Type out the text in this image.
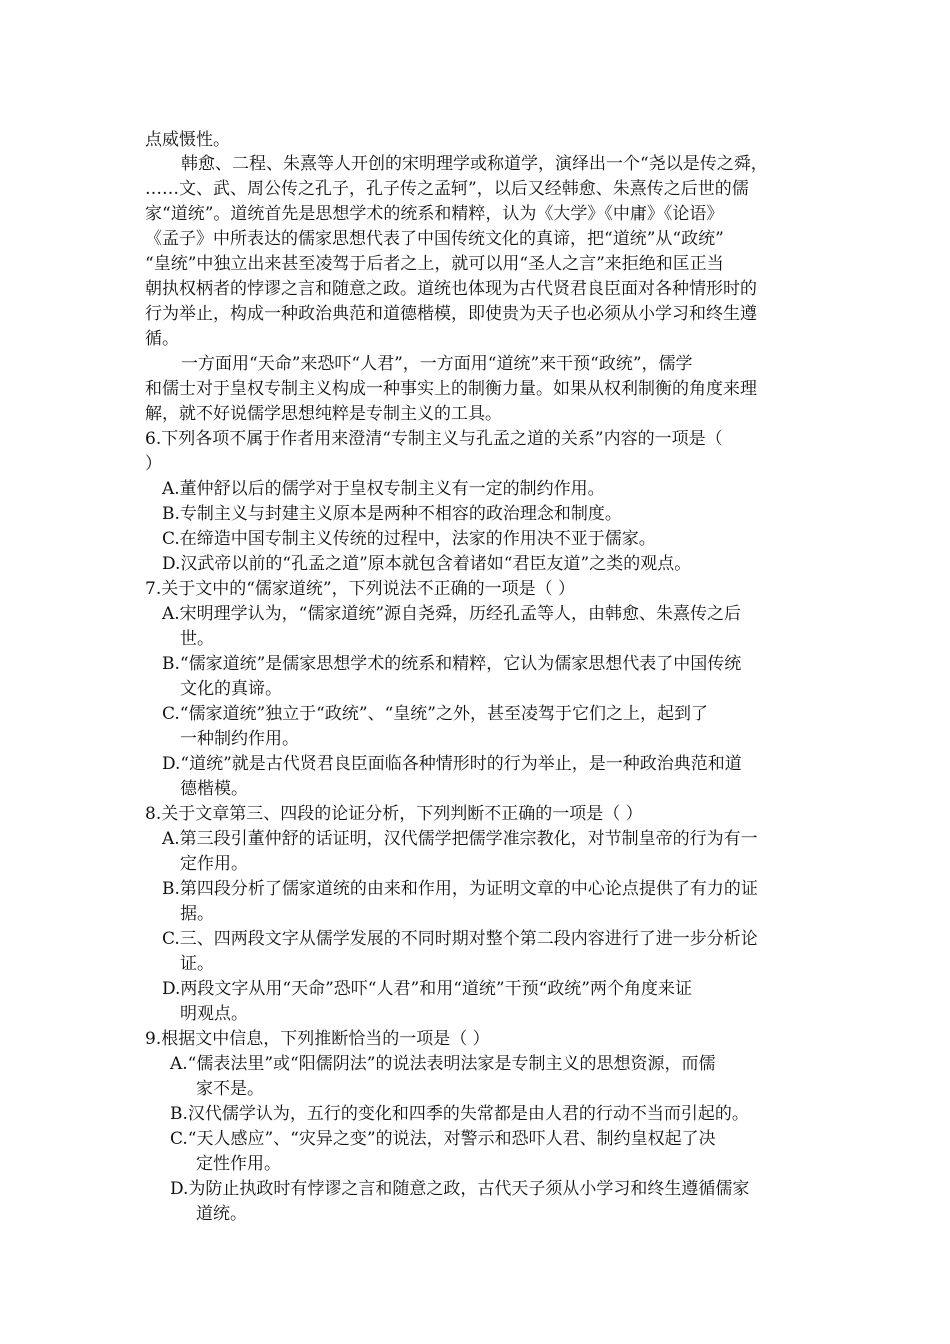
点威慑性。
韩愈、二程、朱熹等人开创的宋明理学或称道学，演绎出一个“尧以是传之舜，
……文、武、周公传之孔子，孔子传之孟轲”，以后又经韩愈、朱熹传之后世的儒
家“道统”。道统首先是思想学术的统系和精粹，认为《大学》《中庸》《论语》
《孟子》中所表达的儒家思想代表了中国传统文化的真谛，把“道统”从“政统”
“皇统”中独立出来甚至凌驾于后者之上，就可以用“圣人之言”来拒绝和匡正当
朝执权柄者的悖谬之言和随意之政。道统也体现为古代贤君良臣面对各种情形时的
行为举止，构成一种政治典范和道德楷模，即使贵为天子也必须从小学习和终生遵
循。
一方面用“天命”来恐吓“人君”，一方面用“道统”来干预“政统”，儒学
和儒士对于皇权专制主义构成一种事实上的制衡力量。如果从权利制衡的角度来理
解，就不好说儒学思想纯粹是专制主义的工具。
6.下列各项不属于作者用来澄清“专制主义与孔孟之道的关系”内容的一项是（
）
A.董仲舒以后的儒学对于皇权专制主义有一定的制约作用。
B.专制主义与封建主义原本是两种不相容的政治理念和制度。
C.在缔造中国专制主义传统的过程中，法家的作用决不亚于儒家。
D.汉武帝以前的“孔孟之道”原本就包含着诸如“君臣友道”之类的观点。
7.关于文中的“儒家道统”，下列说法不正确的一项是（ ）
A.宋明理学认为，“儒家道统”源自尧舜，历经孔孟等人，由韩愈、朱熹传之后
世。
B.“儒家道统”是儒家思想学术的统系和精粹，它认为儒家思想代表了中国传统
文化的真谛。
C.“儒家道统”独立于“政统”、“皇统”之外，甚至凌驾于它们之上，起到了
一种制约作用。
D.“道统”就是古代贤君良臣面临各种情形时的行为举止，是一种政治典范和道
德楷模。
8.关于文章第三、四段的论证分析，下列判断不正确的一项是（ ）
A.第三段引董仲舒的话证明，汉代儒学把儒学准宗教化，对节制皇帝的行为有一
定作用。
B.第四段分析了儒家道统的由来和作用，为证明文章的中心论点提供了有力的证
据。
C.三、四两段文字从儒学发展的不同时期对整个第二段内容进行了进一步分析论
证。
D.两段文字从用“天命”恐吓“人君”和用“道统”干预“政统”两个角度来证
明观点。
9.根据文中信息，下列推断恰当的一项是（ ）
A.“儒表法里”或“阳儒阴法”的说法表明法家是专制主义的思想资源，而儒
家不是。
B.汉代儒学认为，五行的变化和四季的失常都是由人君的行动不当而引起的。
C.“天人感应”、“灾异之变”的说法，对警示和恐吓人君、制约皇权起了决
定性作用。
D.为防止执政时有悖谬之言和随意之政，古代天子须从小学习和终生遵循儒家
道统。
